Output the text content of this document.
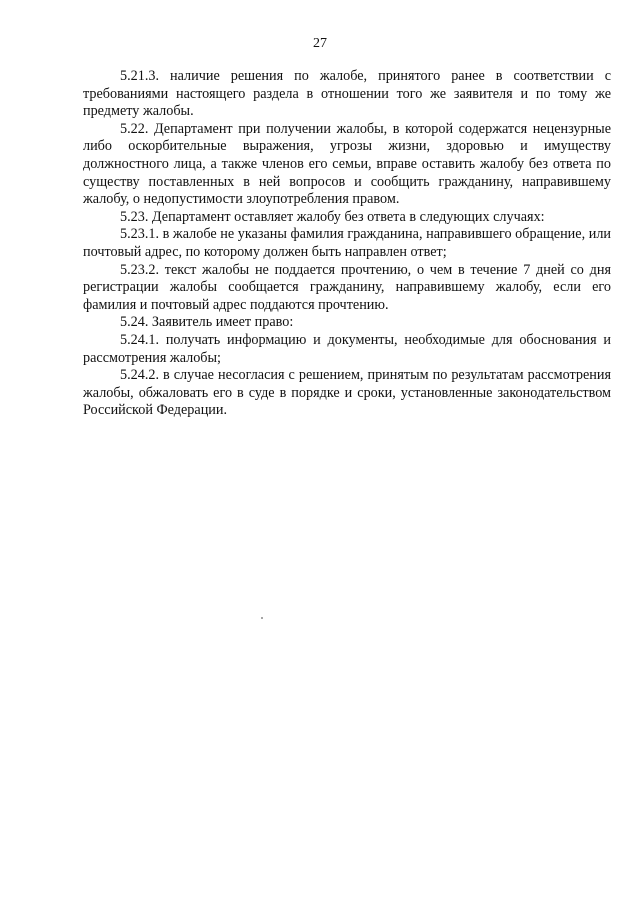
27

5.21.3. наличие решения по жалобе, принятого ранее в соответствии с требованиями настоящего раздела в отношении того же заявителя и по тому же предмету жалобы.

5.22. Департамент при получении жалобы, в которой содержатся нецензурные либо оскорбительные выражения, угрозы жизни, здоровью и имуществу должностного лица, а также членов его семьи, вправе оставить жалобу без ответа по существу поставленных в ней вопросов и сообщить гражданину, направившему жалобу, о недопустимости злоупотребления правом.

5.23. Департамент оставляет жалобу без ответа в следующих случаях:

5.23.1. в жалобе не указаны фамилия гражданина, направившего обращение, или почтовый адрес, по которому должен быть направлен ответ;

5.23.2. текст жалобы не поддается прочтению, о чем в течение 7 дней со дня регистрации жалобы сообщается гражданину, направившему жалобу, если его фамилия и почтовый адрес поддаются прочтению.

5.24. Заявитель имеет право:

5.24.1. получать информацию и документы, необходимые для обоснования и рассмотрения жалобы;

5.24.2. в случае несогласия с решением, принятым по результатам рассмотрения жалобы, обжаловать его в суде в порядке и сроки, установленные законодательством Российской Федерации.
